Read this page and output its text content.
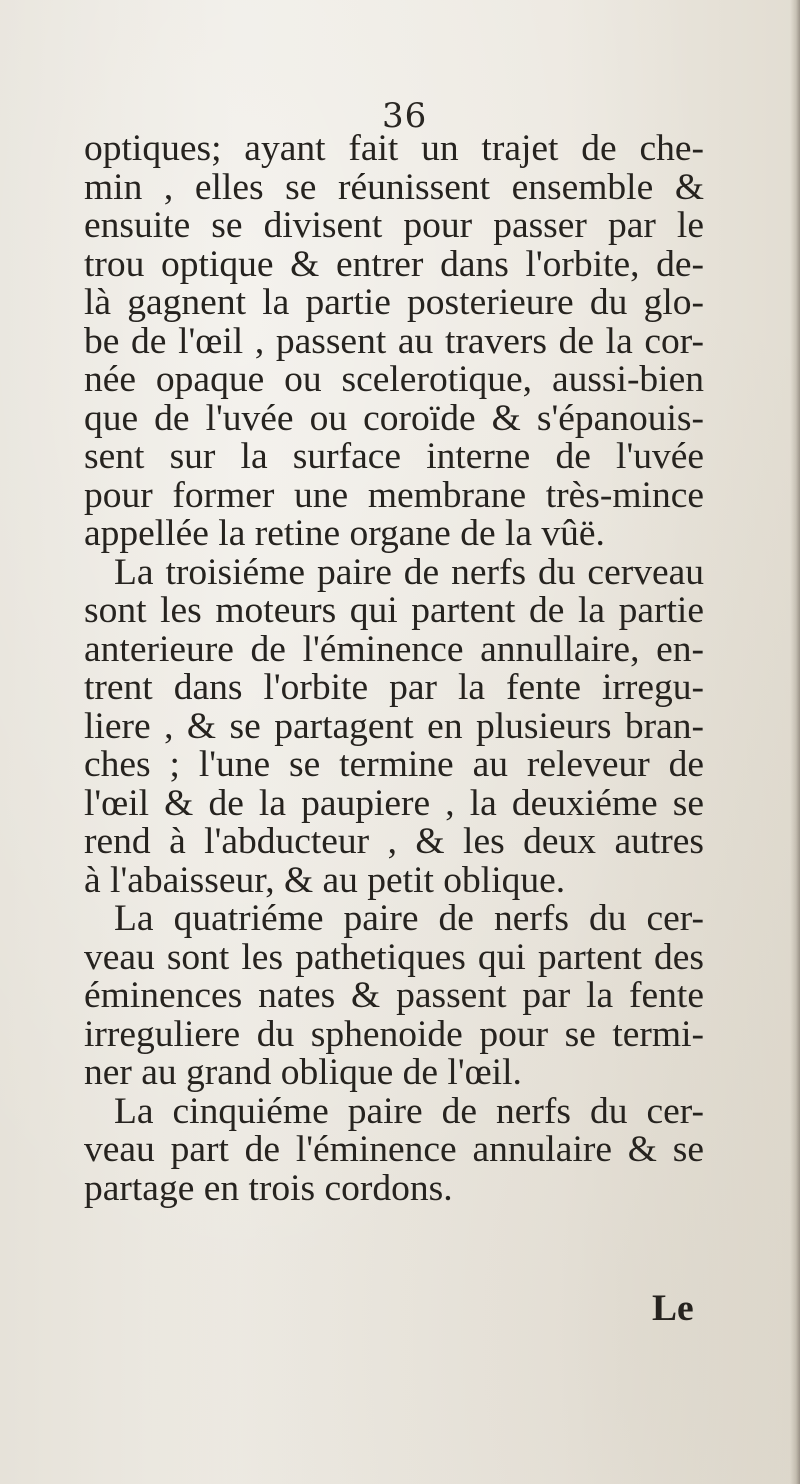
36
optiques; ayant fait un trajet de che-
min , elles se réunissent ensemble &
ensuite se divisent pour passer par le
trou optique & entrer dans l'orbite, de-
là gagnent la partie posterieure du glo-
be de l'œil , passent au travers de la cor-
née opaque ou scelerotique, aussi-bien
que de l'uvée ou coroïde & s'épanouis-
sent sur la surface interne de l'uvée
pour former une membrane très-mince
appellée la retine organe de la vûë.
La troisiéme paire de nerfs du cerveau
sont les moteurs qui partent de la partie
anterieure de l'éminence annullaire, en-
trent dans l'orbite par la fente irregu-
liere , & se partagent en plusieurs bran-
ches ; l'une se termine au releveur de
l'œil & de la paupiere , la deuxiéme se
rend à l'abducteur , & les deux autres
à l'abaisseur, & au petit oblique.
La quatriéme paire de nerfs du cer-
veau sont les pathetiques qui partent des
éminences nates & passent par la fente
irreguliere du sphenoide pour se termi-
ner au grand oblique de l'œil.
La cinquiéme paire de nerfs du cer-
veau part de l'éminence annulaire & se
partage en trois cordons.
Le
